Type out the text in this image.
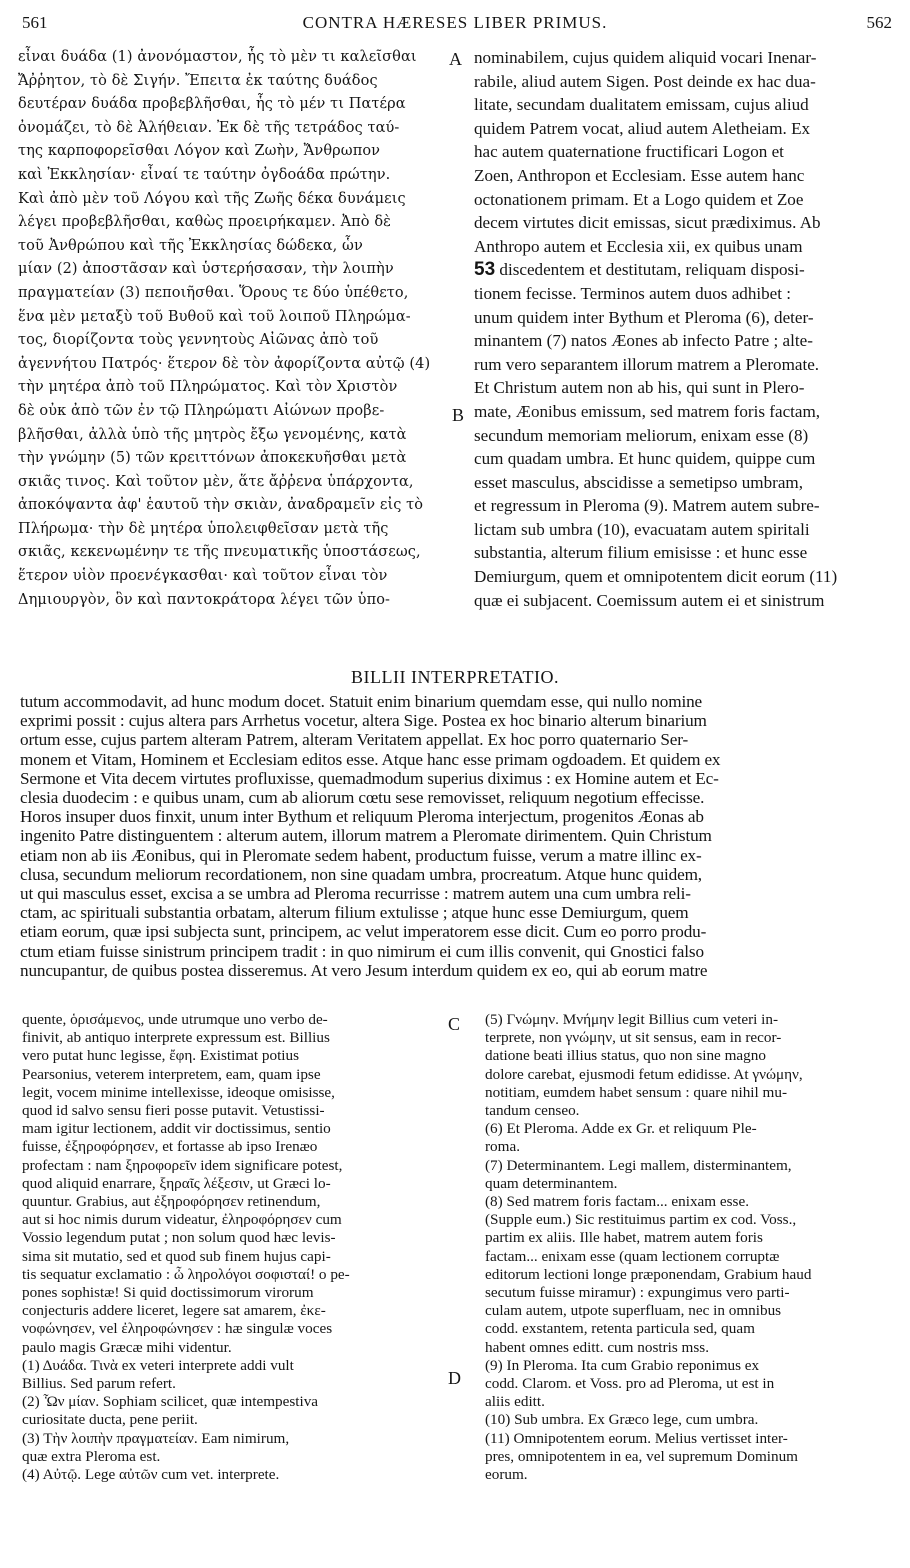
561	CONTRA HÆRESES LIBER PRIMUS.	562
εἶναι δυάδα (1) ἀνονόμαστον, ἧς τὸ μὲν τι καλεῖσθαι
Ἄῤῥητον, τὸ δὲ Σιγήν. Ἔπειτα ἐκ ταύτης δυάδος
δευτέραν δυάδα προβεβλῆσθαι, ἧς τὸ μέν τι Πατέρα
ὀνομάζει, τὸ δὲ Ἀλήθειαν. Ἐκ δὲ τῆς τετράδος ταύ-
της καρποφορεῖσθαι Λόγον καὶ Ζωὴν, Ἄνθρωπον
καὶ Ἐκκλησίαν· εἶναί τε ταύτην ὀγδοάδα πρώτην.
Καὶ ἀπὸ μὲν τοῦ Λόγου καὶ τῆς Ζωῆς δέκα δυνάμεις
λέγει προβεβλῆσθαι, καθὼς προειρήκαμεν. Ἀπὸ δὲ
τοῦ Ἀνθρώπου καὶ τῆς Ἐκκλησίας δώδεκα, ὧν
μίαν (2) ἀποστᾶσαν καὶ ὑστερήσασαν, τὴν λοιπὴν
πραγματείαν (3) πεποιῆσθαι. Ὅρους τε δύο ὑπέθετο,
ἕνα μὲν μεταξὺ τοῦ Βυθοῦ καὶ τοῦ λοιποῦ Πληρώμα-
τος, διορίζοντα τοὺς γεννητοὺς Αἰῶνας ἀπὸ τοῦ
ἀγεννήτου Πατρός· ἕτερον δὲ τὸν ἀφορίζοντα αὐτῷ (4)
τὴν μητέρα ἀπὸ τοῦ Πληρώματος. Καὶ τὸν Χριστὸν
δὲ οὐκ ἀπὸ τῶν ἐν τῷ Πληρώματι Αἰώνων προβε-
βλῆσθαι, ἀλλὰ ὑπὸ τῆς μητρὸς ἔξω γενομένης, κατὰ
τὴν γνώμην (5) τῶν κρειττόνων ἀποκεκυῆσθαι μετὰ
σκιᾶς τινος. Καὶ τοῦτον μὲν, ἅτε ἄῤῥενα ὑπάρχοντα,
ἀποκόψαντα ἀφ' ἑαυτοῦ τὴν σκιὰν, ἀναδραμεῖν εἰς τὸ
Πλήρωμα· τὴν δὲ μητέρα ὑπολειφθεῖσαν μετὰ τῆς
σκιᾶς, κεκενωμένην τε τῆς πνευματικῆς ὑποστάσεως,
ἕτερον υἱὸν προενέγκασθαι· καὶ τοῦτον εἶναι τὸν
Δημιουργὸν, ὃν καὶ παντοκράτορα λέγει τῶν ὑπο-
A
B
C
D
nominabilem, cujus quidem aliquid vocari Inenar-
rabile, aliud autem Sigen. Post deinde ex hac dua-
litate, secundam dualitatem emissam, cujus aliud
quidem Patrem vocat, aliud autem Aletheiam. Ex
hac autem quaternatione fructificari Logon et
Zoen, Anthropon et Ecclesiam. Esse autem hanc
octonationem primam. Et a Logo quidem et Zoe
decem virtutes dicit emissas, sicut prædiximus. Ab
Anthropo autem et Ecclesia xii, ex quibus unam
53 discedentem et destitutam, reliquam disposi-
tionem fecisse. Terminos autem duos adhibet :
unum quidem inter Bythum et Pleroma (6), deter-
minantem (7) natos Æones ab infecto Patre ; alte-
rum vero separantem illorum matrem a Pleromate.
Et Christum autem non ab his, qui sunt in Plero-
mate, Æonibus emissum, sed matrem foris factam,
secundum memoriam meliorum, enixam esse (8)
cum quadam umbra. Et hunc quidem, quippe cum
esset masculus, abscidisse a semetipso umbram,
et regressum in Pleroma (9). Matrem autem subre-
lictam sub umbra (10), evacuatam autem spiritali
substantia, alterum filium emisisse : et hunc esse
Demiurgum, quem et omnipotentem dicit eorum (11)
quæ ei subjacent. Coemissum autem ei et sinistrum
BILLII INTERPRETATIO.
tutum accommodavit, ad hunc modum docet. Statuit enim binarium quemdam esse, qui nullo nomine
exprimi possit : cujus altera pars Arrhetus vocetur, altera Sige. Postea ex hoc binario alterum binarium
ortum esse, cujus partem alteram Patrem, alteram Veritatem appellat. Ex hoc porro quaternario Ser-
monem et Vitam, Hominem et Ecclesiam editos esse. Atque hanc esse primam ogdoadem. Et quidem ex
Sermone et Vita decem virtutes profluxisse, quemadmodum superius diximus : ex Homine autem et Ec-
clesia duodecim : e quibus unam, cum ab aliorum cœtu sese removisset, reliquum negotium effecisse.
Horos insuper duos finxit, unum inter Bythum et reliquum Pleroma interjectum, progenitos Æonas ab
ingenito Patre distinguentem : alterum autem, illorum matrem a Pleromate dirimentem. Quin Christum
etiam non ab iis Æonibus, qui in Pleromate sedem habent, productum fuisse, verum a matre illinc ex-
clusa, secundum meliorum recordationem, non sine quadam umbra, procreatum. Atque hunc quidem,
ut qui masculus esset, excisa a se umbra ad Pleroma recurrisse : matrem autem una cum umbra reli-
ctam, ac spirituali substantia orbatam, alterum filium extulisse ; atque hunc esse Demiurgum, quem
etiam eorum, quæ ipsi subjecta sunt, principem, ac velut imperatorem esse dicit. Cum eo porro produ-
ctum etiam fuisse sinistrum principem tradit : in quo nimirum ei cum illis convenit, qui Gnostici falso
nuncupantur, de quibus postea disseremus. At vero Jesum interdum quidem ex eo, qui ab eorum matre
quente, ὁρισάμενος, unde utrumque uno verbo de-
finivit, ab antiquo interprete expressum est. Billius
vero putat hunc legisse, ἔφη. Existimat potius
Pearsonius, veterem interpretem, eam, quam ipse
legit, vocem minime intellexisse, ideoque omisisse,
quod id salvo sensu fieri posse putavit. Vetustissi-
mam igitur lectionem, addit vir doctissimus, sentio
fuisse, ἐξηροφόρησεν, et fortasse ab ipso Irenæo
profectam : nam ξηροφορεῖν idem significare potest,
quod aliquid enarrare, ξηραῖς λέξεσιν, ut Græci lo-
quuntur. Grabius, aut ἐξηροφόρησεν retinendum,
aut si hoc nimis durum videatur, ἐληροφόρησεν cum
Vossio legendum putat ; non solum quod hæc levis-
sima sit mutatio, sed et quod sub finem hujus capi-
tis sequatur exclamatio : ὦ ληρολόγοι σοφισταί! o pe-
pones sophistæ! Si quid doctissimorum virorum
conjecturis addere liceret, legere sat amarem, ἐκε-
νοφώνησεν, vel ἐληροφώνησεν : hæ singulæ voces
paulo magis Græcæ mihi videntur.
(1) Δυάδα. Τινὰ ex veteri interprete addi vult
Billius. Sed parum refert.
(2) Ὧν μίαν. Sophiam scilicet, quæ intempestiva
curiositate ducta, pene periit.
(3) Τὴν λοιπὴν πραγματείαν. Eam nimirum,
quæ extra Pleroma est.
(4) Αὐτῷ. Lege αὐτῶν cum vet. interprete.
(5) Γνώμην. Μνήμην legit Billius cum veteri in-
terprete, non γνώμην, ut sit sensus, eam in recor-
datione beati illius status, quo non sine magno
dolore carebat, ejusmodi fetum edidisse. At γνώμην,
notitiam, eumdem habet sensum : quare nihil mu-
tandum censeo.
(6) Et Pleroma. Adde ex Gr. et reliquum Ple-
roma.
(7) Determinantem. Legi mallem, disterminantem,
quam determinantem.
(8) Sed matrem foris factam... enixam esse.
(Supple eum.) Sic restituimus partim ex cod. Voss.,
partim ex aliis. Ille habet, matrem autem foris
factam... enixam esse (quam lectionem corruptæ
editorum lectioni longe præponendam, Grabium haud
secutum fuisse miramur) : expungimus vero parti-
culam autem, utpote superfluam, nec in omnibus
codd. exstantem, retenta particula sed, quam
habent omnes editt. cum nostris mss.
(9) In Pleroma. Ita cum Grabio reponimus ex
codd. Clarom. et Voss. pro ad Pleroma, ut est in
aliis editt.
(10) Sub umbra. Ex Græco lege, cum umbra.
(11) Omnipotentem eorum. Melius vertisset inter-
pres, omnipotentem in ea, vel supremum Dominum
eorum.
